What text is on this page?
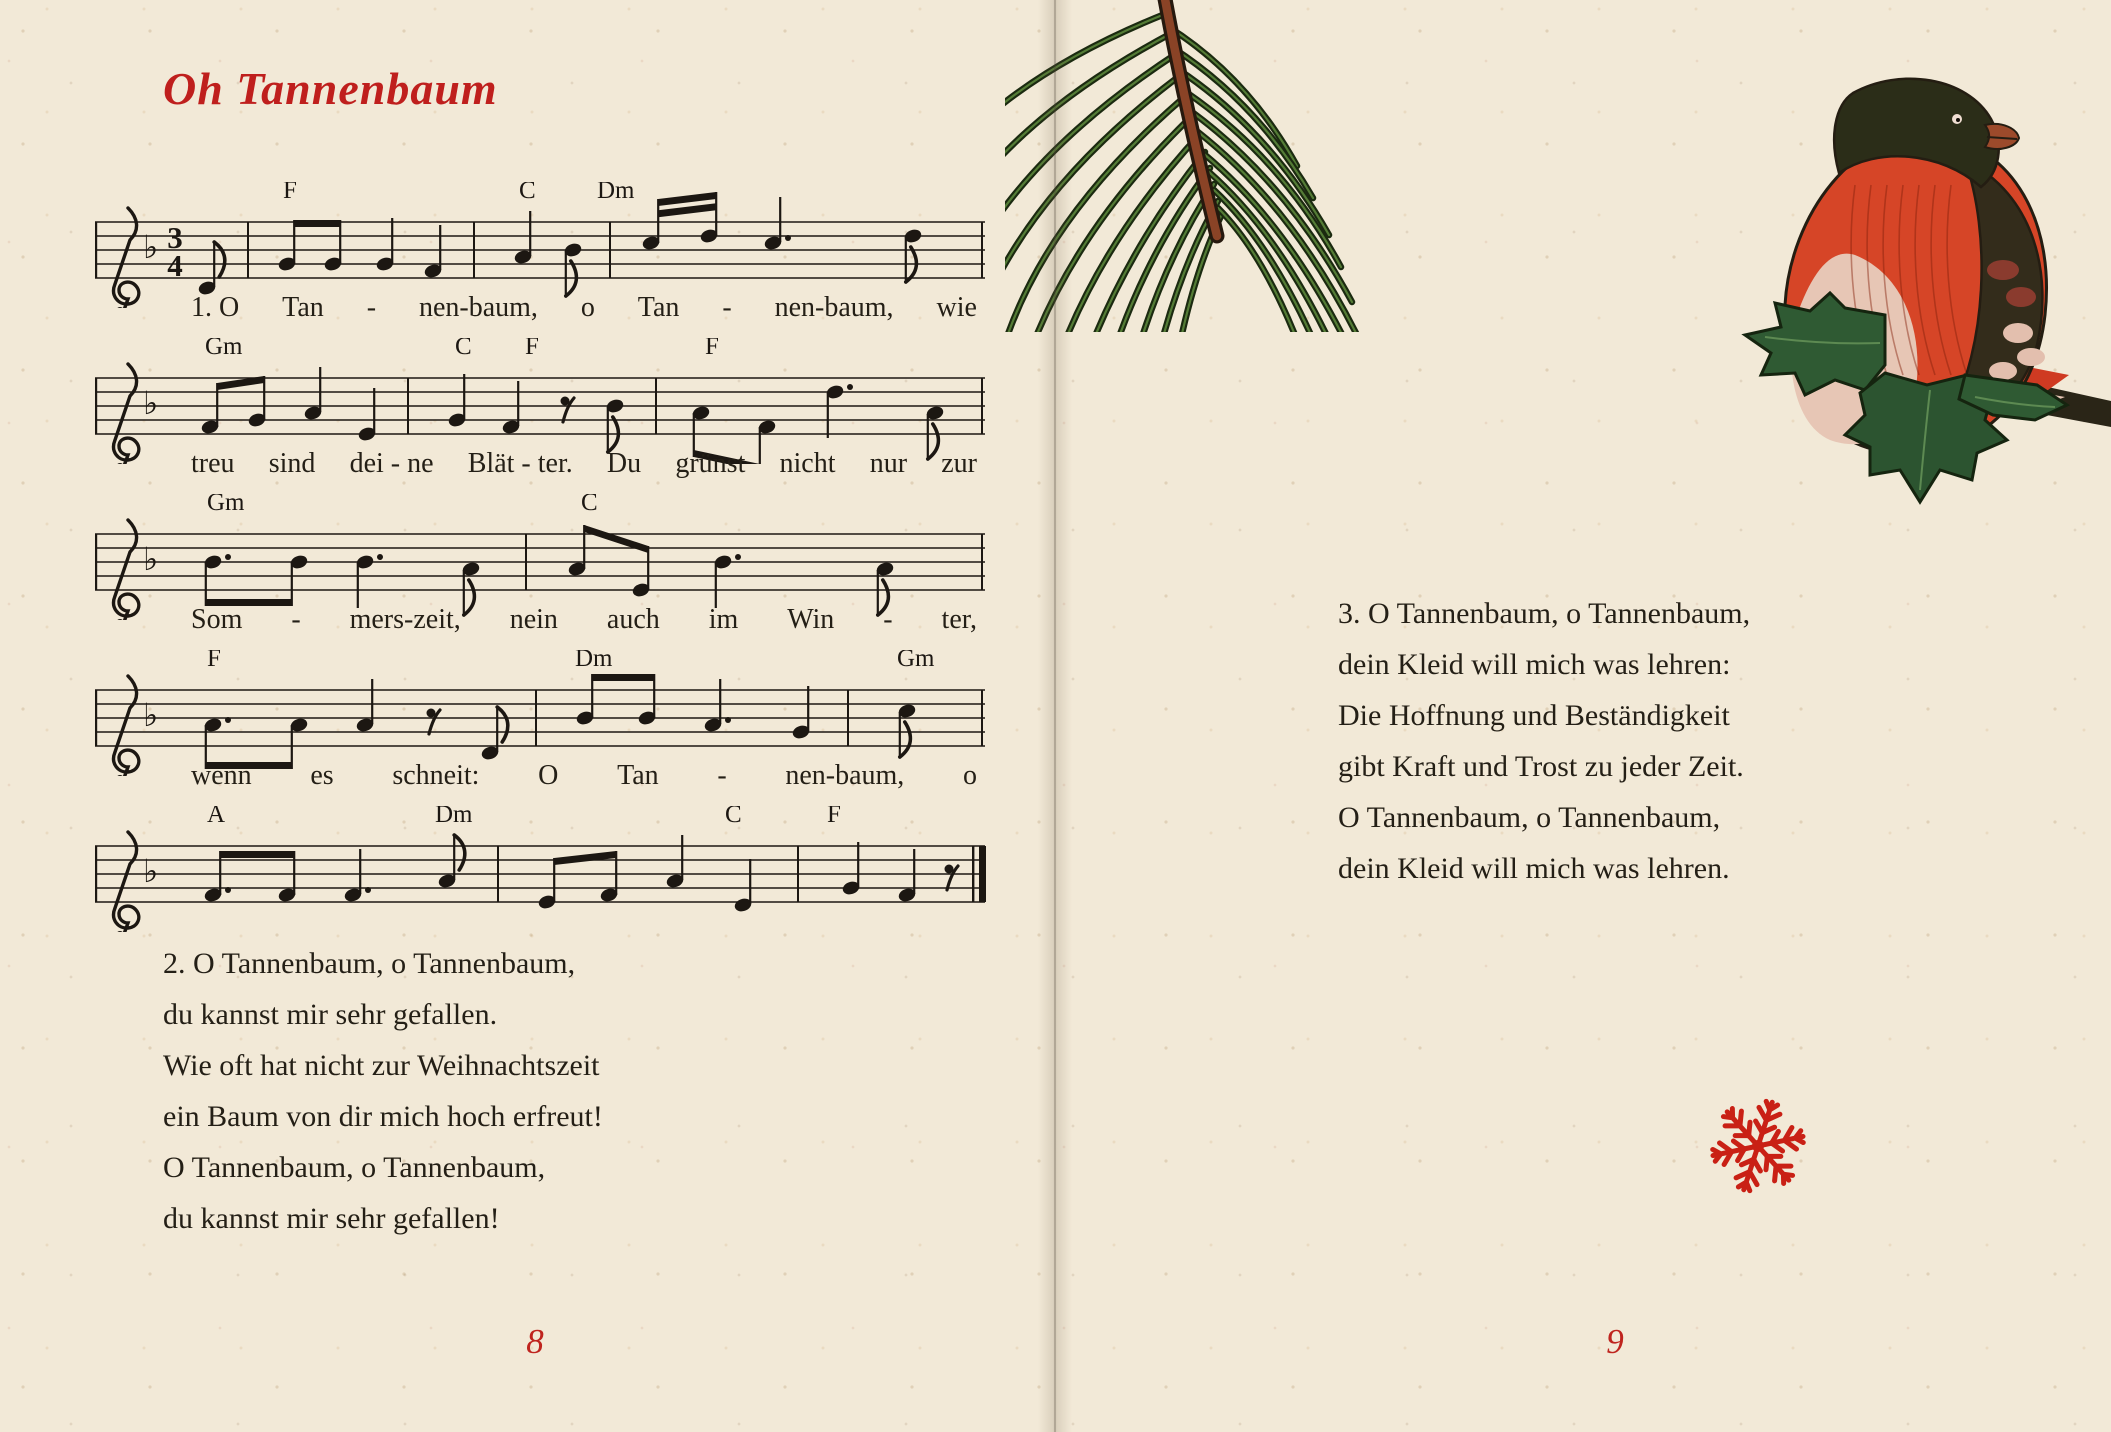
Oh Tannenbaum
♭ 3
4
F	C Dm
1. O Tan - nen-baum, o Tan - nen-baum, wie
♭
Gm	C F	F
treu sind dei - ne Blät - ter. Du grünst nicht nur zur
♭
Gm	C
Som - mers-zeit, nein auch im Win - ter,
♭
F	Dm	Gm
wenn es schneit: O Tan - nen-baum, o
♭
A	Dm	C	F
2. O Tannenbaum, o Tannenbaum,
du kannst mir sehr gefallen.
Wie oft hat nicht zur Weihnachtszeit
ein Baum von dir mich hoch erfreut!
O Tannenbaum, o Tannenbaum,
du kannst mir sehr gefallen!
3. O Tannenbaum, o Tannenbaum,
dein Kleid will mich was lehren:
Die Hoffnung und Beständigkeit
gibt Kraft und Trost zu jeder Zeit.
O Tannenbaum, o Tannenbaum,
dein Kleid will mich was lehren.
8	9
